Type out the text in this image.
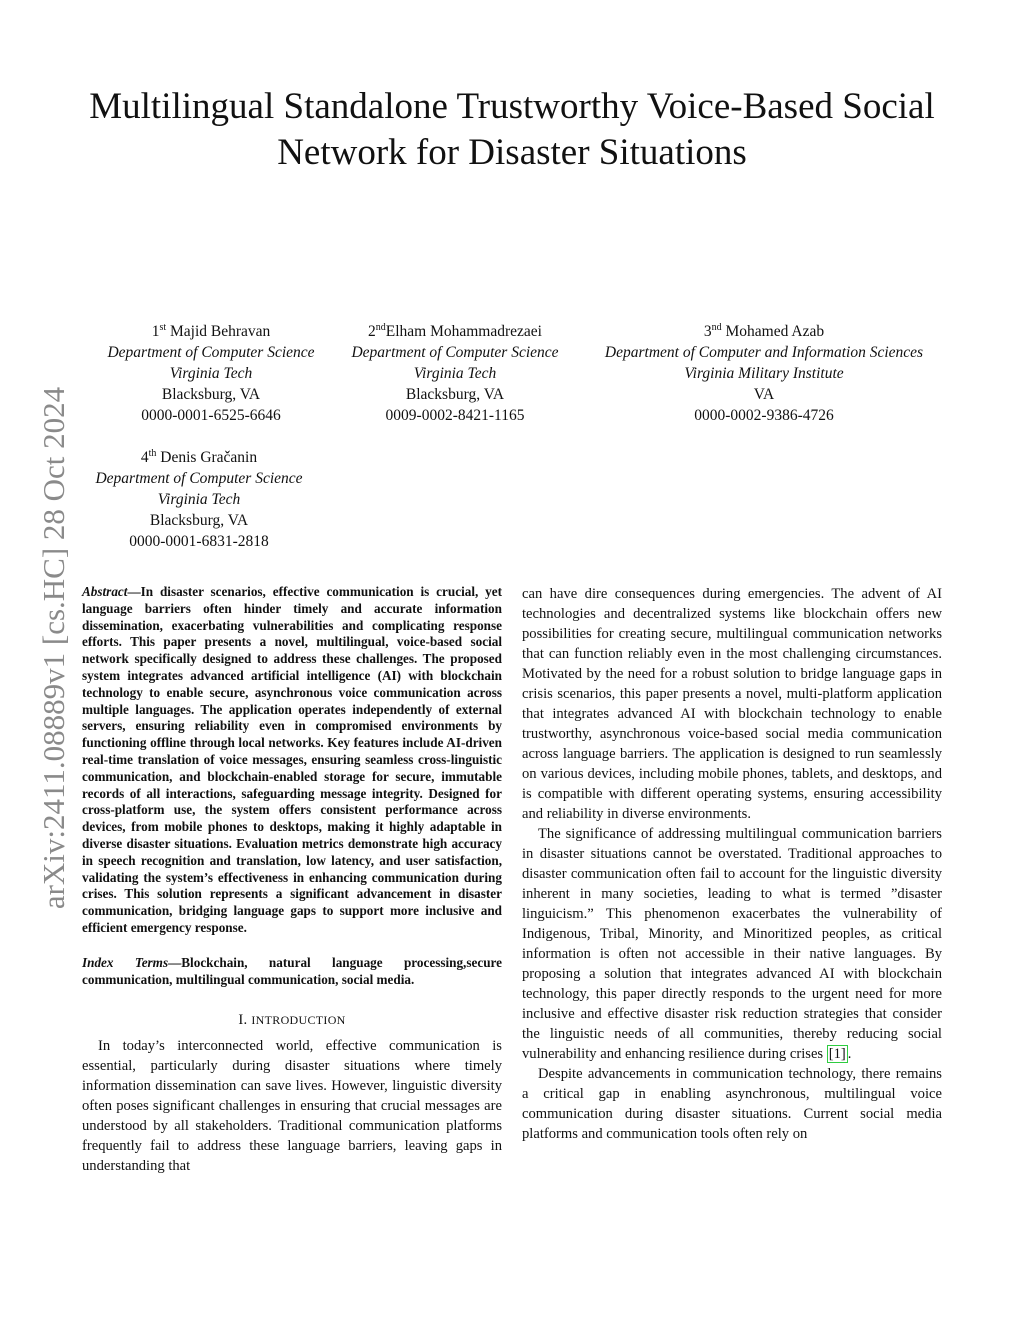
Multilingual Standalone Trustworthy Voice-Based Social Network for Disaster Situations
arXiv:2411.08889v1 [cs.HC] 28 Oct 2024
1st Majid Behravan
Department of Computer Science
Virginia Tech
Blacksburg, VA
0000-0001-6525-6646
2ndElham Mohammadrezaei
Department of Computer Science
Virginia Tech
Blacksburg, VA
0009-0002-8421-1165
3nd Mohamed Azab
Department of Computer and Information Sciences
Virginia Military Institute
VA
0000-0002-9386-4726
4th Denis Gračanin
Department of Computer Science
Virginia Tech
Blacksburg, VA
0000-0001-6831-2818

Abstract—In disaster scenarios, effective communication is crucial, yet language barriers often hinder timely and accurate information dissemination, exacerbating vulnerabilities and complicating response efforts. This paper presents a novel, multilingual, voice-based social network specifically designed to address these challenges. The proposed system integrates advanced artificial intelligence (AI) with blockchain technology to enable secure, asynchronous voice communication across multiple languages. The application operates independently of external servers, ensuring reliability even in compromised environments by functioning offline through local networks. Key features include AI-driven real-time translation of voice messages, ensuring seamless cross-linguistic communication, and blockchain-enabled storage for secure, immutable records of all interactions, safeguarding message integrity. Designed for cross-platform use, the system offers consistent performance across devices, from mobile phones to desktops, making it highly adaptable in diverse disaster situations. Evaluation metrics demonstrate high accuracy in speech recognition and translation, low latency, and user satisfaction, validating the system’s effectiveness in enhancing communication during crises. This solution represents a significant advancement in disaster communication, bridging language gaps to support more inclusive and efficient emergency response.

Index Terms—Blockchain, natural language processing,secure communication, multilingual communication, social media.

I. INTRODUCTION

In today’s interconnected world, effective communication is essential, particularly during disaster situations where timely information dissemination can save lives. However, linguistic diversity often poses significant challenges in ensuring that crucial messages are understood by all stakeholders. Traditional communication platforms frequently fail to address these language barriers, leaving gaps in understanding that

can have dire consequences during emergencies. The advent of AI technologies and decentralized systems like blockchain offers new possibilities for creating secure, multilingual communication networks that can function reliably even in the most challenging circumstances. Motivated by the need for a robust solution to bridge language gaps in crisis scenarios, this paper presents a novel, multi-platform application that integrates advanced AI with blockchain technology to enable trustworthy, asynchronous voice-based social media communication across language barriers. The application is designed to run seamlessly on various devices, including mobile phones, tablets, and desktops, and is compatible with different operating systems, ensuring accessibility and reliability in diverse environments.

The significance of addressing multilingual communication barriers in disaster situations cannot be overstated. Traditional approaches to disaster communication often fail to account for the linguistic diversity inherent in many societies, leading to what is termed ”disaster linguicism.” This phenomenon exacerbates the vulnerability of Indigenous, Tribal, Minority, and Minoritized peoples, as critical information is often not accessible in their native languages. By proposing a solution that integrates advanced AI with blockchain technology, this paper directly responds to the urgent need for more inclusive and effective disaster risk reduction strategies that consider the linguistic needs of all communities, thereby reducing social vulnerability and enhancing resilience during crises [1] .

Despite advancements in communication technology, there remains a critical gap in enabling asynchronous, multilingual voice communication during disaster situations. Current social media platforms and communication tools often rely on
